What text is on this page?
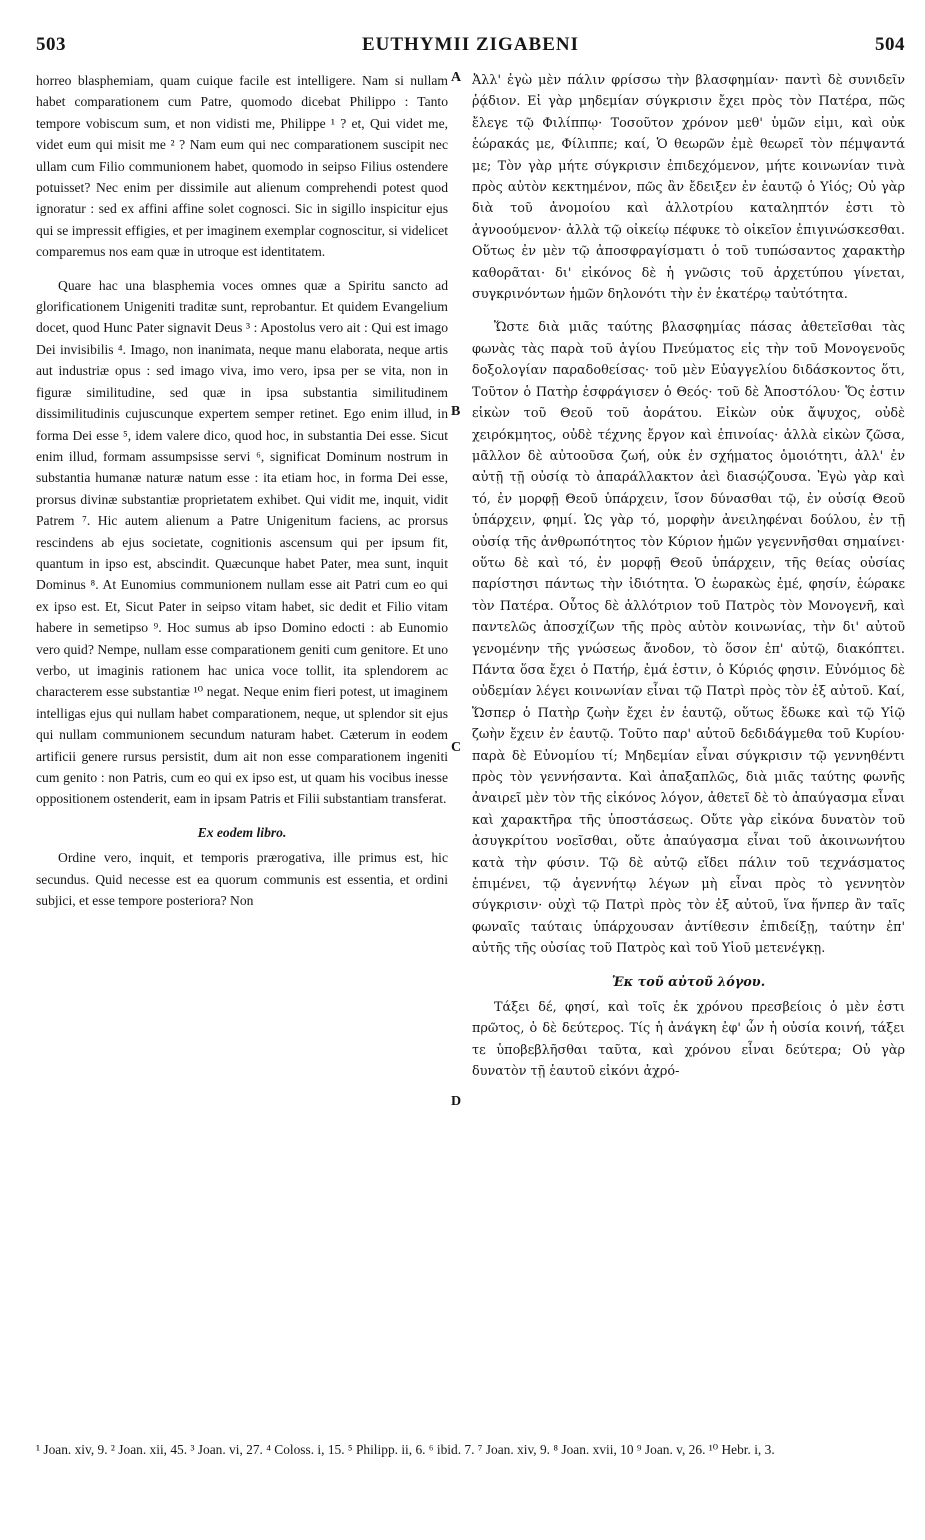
503	EUTHYMII ZIGABENI	504

horreo blasphemiam, quam cuique facile est intelligere. Nam si nullam habet comparationem cum Patre, quomodo dicebat Philippo : Tanto tempore vobiscum sum, et non vidisti me, Philippe ¹ ? et, Qui videt me, videt eum qui misit me ² ? Nam eum qui nec comparationem suscipit nec ullam cum Filio communionem habet, quomodo in seipso Filius ostendere potuisset? Nec enim per dissimile aut alienum comprehendi potest quod ignoratur : sed ex affini affine solet cognosci. Sic in sigillo inspicitur ejus qui se impressit effigies, et per imaginem exemplar cognoscitur, si videlicet comparemus nos eam quæ in utroque est identitatem.

Quare hac una blasphemia voces omnes quæ a Spiritu sancto ad glorificationem Unigeniti traditæ sunt, reprobantur. Et quidem Evangelium docet, quod Hunc Pater signavit Deus ³ : Apostolus vero ait : Qui est imago Dei invisibilis ⁴. Imago, non inanimata, neque manu elaborata, neque artis aut industriæ opus : sed imago viva, imo vero, ipsa per se vita, non in figuræ similitudine, sed quæ in ipsa substantia similitudinem dissimilitudinis cujuscunque expertem semper retinet. Ego enim illud, in forma Dei esse ⁵, idem valere dico, quod hoc, in substantia Dei esse. Sicut enim illud, formam assumpsisse servi ⁶, significat Dominum nostrum in substantia humanæ naturæ natum esse : ita etiam hoc, in forma Dei esse, prorsus divinæ substantiæ proprietatem exhibet. Qui vidit me, inquit, vidit Patrem ⁷. Hic autem alienum a Patre Unigenitum faciens, ac prorsus rescindens ab ejus societate, cognitionis ascensum qui per ipsum fit, quantum in ipso est, abscindit. Quæcunque habet Pater, mea sunt, inquit Dominus ⁸. At Eunomius communionem nullam esse ait Patri cum eo qui ex ipso est. Et, Sicut Pater in seipso vitam habet, sic dedit et Filio vitam habere in semetipso ⁹. Hoc sumus ab ipso Domino edocti : ab Eunomio vero quid? Nempe, nullam esse comparationem geniti cum genitore. Et uno verbo, ut imaginis rationem hac unica voce tollit, ita splendorem ac characterem esse substantiæ ¹⁰ negat. Neque enim fieri potest, ut imaginem intelligas ejus qui nullam habet comparationem, neque, ut splendor sit ejus qui nullam communionem secundum naturam habet. Cæterum in eodem artificii genere rursus persistit, dum ait non esse comparationem ingeniti cum genito : non Patris, cum eo qui ex ipso est, ut quam his vocibus inesse oppositionem ostenderit, eam in ipsam Patris et Filii substantiam transferat.

Ex eodem libro.

Ordine vero, inquit, et temporis prærogativa, ille primus est, hic secundus. Quid necesse est ea quorum communis est essentia, et ordini subjici, et esse tempore posteriora? Non

A
B
C
D

Ἀλλ' ἐγὼ μὲν πάλιν φρίσσω τὴν βλασφημίαν· παντὶ δὲ συνιδεῖν ῥᾴδιον. Εἰ γὰρ μηδεμίαν σύγκρισιν ἔχει πρὸς τὸν Πατέρα, πῶς ἔλεγε τῷ Φιλίππῳ· Τοσοῦτον χρόνον μεθ' ὑμῶν εἰμι, καὶ οὐκ ἑώρακάς με, Φίλιππε; καί, Ὁ θεωρῶν ἐμὲ θεωρεῖ τὸν πέμψαντά με; Τὸν γὰρ μήτε σύγκρισιν ἐπιδεχόμενον, μήτε κοινωνίαν τινὰ πρὸς αὐτὸν κεκτημένον, πῶς ἂν ἔδειξεν ἐν ἑαυτῷ ὁ Υἱός; Οὐ γὰρ διὰ τοῦ ἀνομοίου καὶ ἀλλοτρίου καταληπτόν ἐστι τὸ ἀγνοούμενον· ἀλλὰ τῷ οἰκείῳ πέφυκε τὸ οἰκεῖον ἐπιγινώσκεσθαι. Οὕτως ἐν μὲν τῷ ἀποσφραγίσματι ὁ τοῦ τυπώσαντος χαρακτὴρ καθορᾶται· δι' εἰκόνος δὲ ἡ γνῶσις τοῦ ἀρχετύπου γίνεται, συγκρινόντων ἡμῶν δηλονότι τὴν ἐν ἑκατέρῳ ταὐτότητα.

Ὥστε διὰ μιᾶς ταύτης βλασφημίας πάσας ἀθετεῖσθαι τὰς φωνὰς τὰς παρὰ τοῦ ἁγίου Πνεύματος εἰς τὴν τοῦ Μονογενοῦς δοξολογίαν παραδοθείσας· τοῦ μὲν Εὐαγγελίου διδάσκοντος ὅτι, Τοῦτον ὁ Πατὴρ ἐσφράγισεν ὁ Θεός· τοῦ δὲ Ἀποστόλου· Ὅς ἐστιν εἰκὼν τοῦ Θεοῦ τοῦ ἀοράτου. Εἰκὼν οὐκ ἄψυχος, οὐδὲ χειρόκμητος, οὐδὲ τέχνης ἔργον καὶ ἐπινοίας· ἀλλὰ εἰκὼν ζῶσα, μᾶλλον δὲ αὐτοοῦσα ζωή, οὐκ ἐν σχήματος ὁμοιότητι, ἀλλ' ἐν αὐτῇ τῇ οὐσίᾳ τὸ ἀπαράλλακτον ἀεὶ διασῴζουσα. Ἐγὼ γὰρ καὶ τό, ἐν μορφῇ Θεοῦ ὑπάρχειν, ἴσον δύνασθαι τῷ, ἐν οὐσίᾳ Θεοῦ ὑπάρχειν, φημί. Ὡς γὰρ τό, μορφὴν ἀνειληφέναι δούλου, ἐν τῇ οὐσίᾳ τῆς ἀνθρωπότητος τὸν Κύριον ἡμῶν γεγεννῆσθαι σημαίνει· οὕτω δὲ καὶ τό, ἐν μορφῇ Θεοῦ ὑπάρχειν, τῆς θείας οὐσίας παρίστησι πάντως τὴν ἰδιότητα. Ὁ ἑωρακὼς ἐμέ, φησίν, ἑώρακε τὸν Πατέρα. Οὗτος δὲ ἀλλότριον τοῦ Πατρὸς τὸν Μονογενῆ, καὶ παντελῶς ἀποσχίζων τῆς πρὸς αὐτὸν κοινωνίας, τὴν δι' αὐτοῦ γενομένην τῆς γνώσεως ἄνοδον, τὸ ὅσον ἐπ' αὐτῷ, διακόπτει. Πάντα ὅσα ἔχει ὁ Πατήρ, ἐμά ἐστιν, ὁ Κύριός φησιν. Εὐνόμιος δὲ οὐδεμίαν λέγει κοινωνίαν εἶναι τῷ Πατρὶ πρὸς τὸν ἐξ αὐτοῦ. Καί, Ὥσπερ ὁ Πατὴρ ζωὴν ἔχει ἐν ἑαυτῷ, οὕτως ἔδωκε καὶ τῷ Υἱῷ ζωὴν ἔχειν ἐν ἑαυτῷ. Τοῦτο παρ' αὐτοῦ δεδιδάγμεθα τοῦ Κυρίου· παρὰ δὲ Εὐνομίου τί; Μηδεμίαν εἶναι σύγκρισιν τῷ γεννηθέντι πρὸς τὸν γεννήσαντα. Καὶ ἁπαξαπλῶς, διὰ μιᾶς ταύτης φωνῆς ἀναιρεῖ μὲν τὸν τῆς εἰκόνος λόγον, ἀθετεῖ δὲ τὸ ἀπαύγασμα εἶναι καὶ χαρακτῆρα τῆς ὑποστάσεως. Οὔτε γὰρ εἰκόνα δυνατὸν τοῦ ἀσυγκρίτου νοεῖσθαι, οὔτε ἀπαύγασμα εἶναι τοῦ ἀκοινωνήτου κατὰ τὴν φύσιν. Τῷ δὲ αὐτῷ εἴδει πάλιν τοῦ τεχνάσματος ἐπιμένει, τῷ ἀγεννήτῳ λέγων μὴ εἶναι πρὸς τὸ γεννητὸν σύγκρισιν· οὐχὶ τῷ Πατρὶ πρὸς τὸν ἐξ αὐτοῦ, ἵνα ἥνπερ ἂν ταῖς φωναῖς ταύταις ὑπάρχουσαν ἀντίθεσιν ἐπιδείξῃ, ταύτην ἐπ' αὐτῆς τῆς οὐσίας τοῦ Πατρὸς καὶ τοῦ Υἱοῦ μετενέγκῃ.

Ἐκ τοῦ αὐτοῦ λόγου.

Τάξει δέ, φησί, καὶ τοῖς ἐκ χρόνου πρεσβείοις ὁ μὲν ἐστι πρῶτος, ὁ δὲ δεύτερος. Τίς ἡ ἀνάγκη ἐφ' ὧν ἡ οὐσία κοινή, τάξει τε ὑποβεβλῆσθαι ταῦτα, καὶ χρόνου εἶναι δεύτερα; Οὐ γὰρ δυνατὸν τῇ ἑαυτοῦ εἰκόνι ἀχρό-

¹ Joan. xiv, 9. ² Joan. xii, 45. ³ Joan. vi, 27. ⁴ Coloss. i, 15. ⁵ Philipp. ii, 6. ⁶ ibid. 7. ⁷ Joan. xiv, 9. ⁸ Joan. xvii, 10 ⁹ Joan. v, 26. ¹⁰ Hebr. i, 3.
